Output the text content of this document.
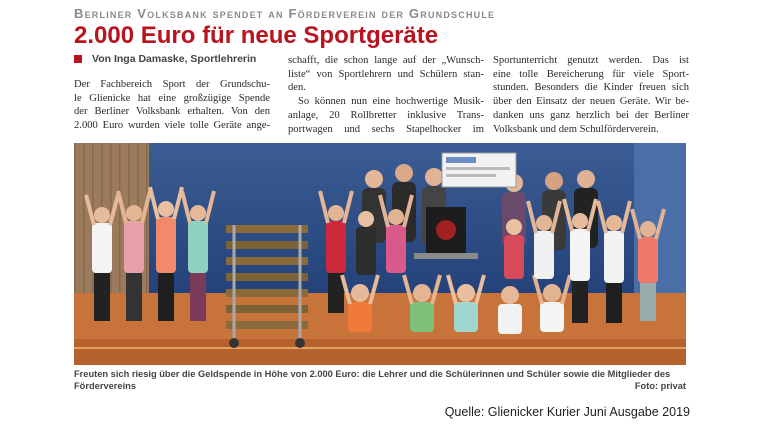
Berliner Volksbank spendet an Förderverein der Grundschule
2.000 Euro für neue Sportgeräte
Von Inga Damaske, Sportlehrerin
Der Fachbereich Sport der Grundschu-
le Glienicke hat eine großzügige Spende
der Berliner Volksbank erhalten. Von den
2.000 Euro wurden viele tolle Geräte ange-
schafft, die schon lange auf der „Wunsch-
liste“ von Sportlehrern und Schülern stan-
den.
So können nun eine hochwertige Musik-
anlage, 20 Rollbretter inklusive Trans-
portwagen und sechs Stapelhocker im
Sportunterricht genutzt werden. Das ist
eine tolle Bereicherung für viele Sport-
stunden. Besonders die Kinder freuen sich
über den Einsatz der neuen Geräte. Wir be-
danken uns ganz herzlich bei der Berliner
Volksbank und dem Schulförderverein.
Freuten sich riesig über die Geldspende in Höhe von 2.000 Euro: die Lehrer und die Schülerinnen und Schüler sowie die Mitglieder des Fördervereins	Foto: privat
Quelle: Glienicker Kurier Juni Ausgabe 2019
